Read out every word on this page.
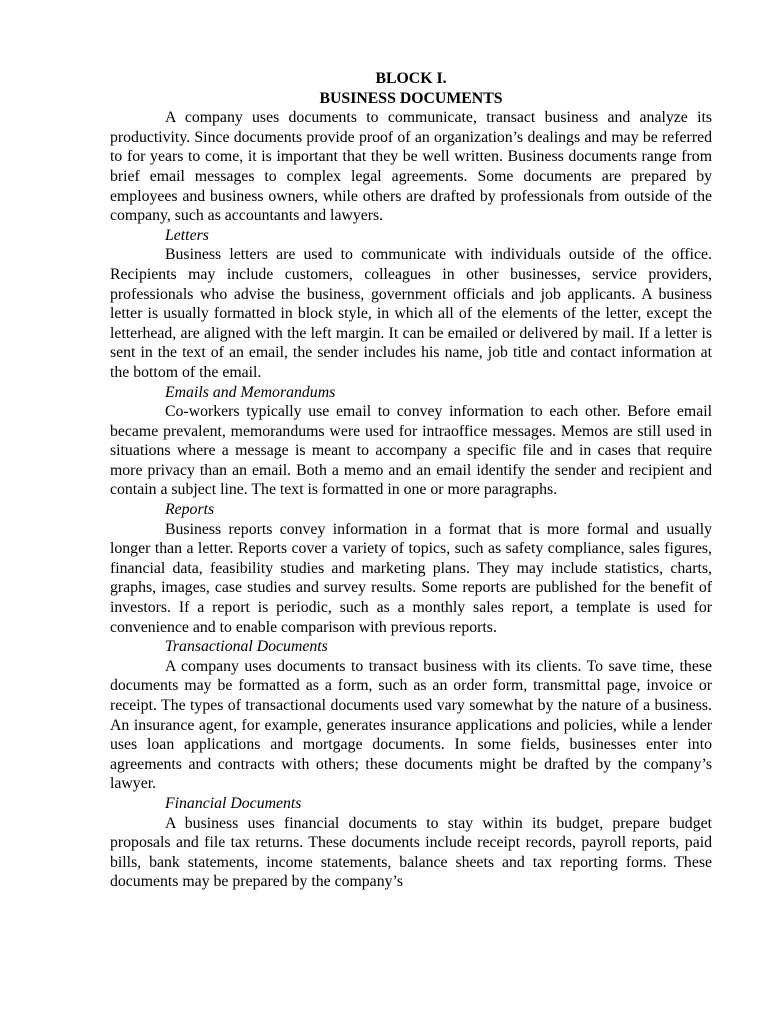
BLOCK I.

BUSINESS DOCUMENTS

A company uses documents to communicate, transact business and analyze its productivity. Since documents provide proof of an organization’s dealings and may be referred to for years to come, it is important that they be well written. Business documents range from brief email messages to complex legal agreements. Some documents are prepared by employees and business owners, while others are drafted by professionals from outside of the company, such as accountants and lawyers.

Letters

Business letters are used to communicate with individuals outside of the office. Recipients may include customers, colleagues in other businesses, service providers, professionals who advise the business, government officials and job applicants. A business letter is usually formatted in block style, in which all of the elements of the letter, except the letterhead, are aligned with the left margin. It can be emailed or delivered by mail. If a letter is sent in the text of an email, the sender includes his name, job title and contact information at the bottom of the email.

Emails and Memorandums

Co-workers typically use email to convey information to each other. Before email became prevalent, memorandums were used for intraoffice messages. Memos are still used in situations where a message is meant to accompany a specific file and in cases that require more privacy than an email. Both a memo and an email identify the sender and recipient and contain a subject line. The text is formatted in one or more paragraphs.

Reports

Business reports convey information in a format that is more formal and usually longer than a letter. Reports cover a variety of topics, such as safety compliance, sales figures, financial data, feasibility studies and marketing plans. They may include statistics, charts, graphs, images, case studies and survey results. Some reports are published for the benefit of investors. If a report is periodic, such as a monthly sales report, a template is used for convenience and to enable comparison with previous reports.

Transactional Documents

A company uses documents to transact business with its clients. To save time, these documents may be formatted as a form, such as an order form, transmittal page, invoice or receipt. The types of transactional documents used vary somewhat by the nature of a business. An insurance agent, for example, generates insurance applications and policies, while a lender uses loan applications and mortgage documents. In some fields, businesses enter into agreements and contracts with others; these documents might be drafted by the company’s lawyer.

Financial Documents

A business uses financial documents to stay within its budget, prepare budget proposals and file tax returns. These documents include receipt records, payroll reports, paid bills, bank statements, income statements, balance sheets and tax reporting forms. These documents may be prepared by the company’s
